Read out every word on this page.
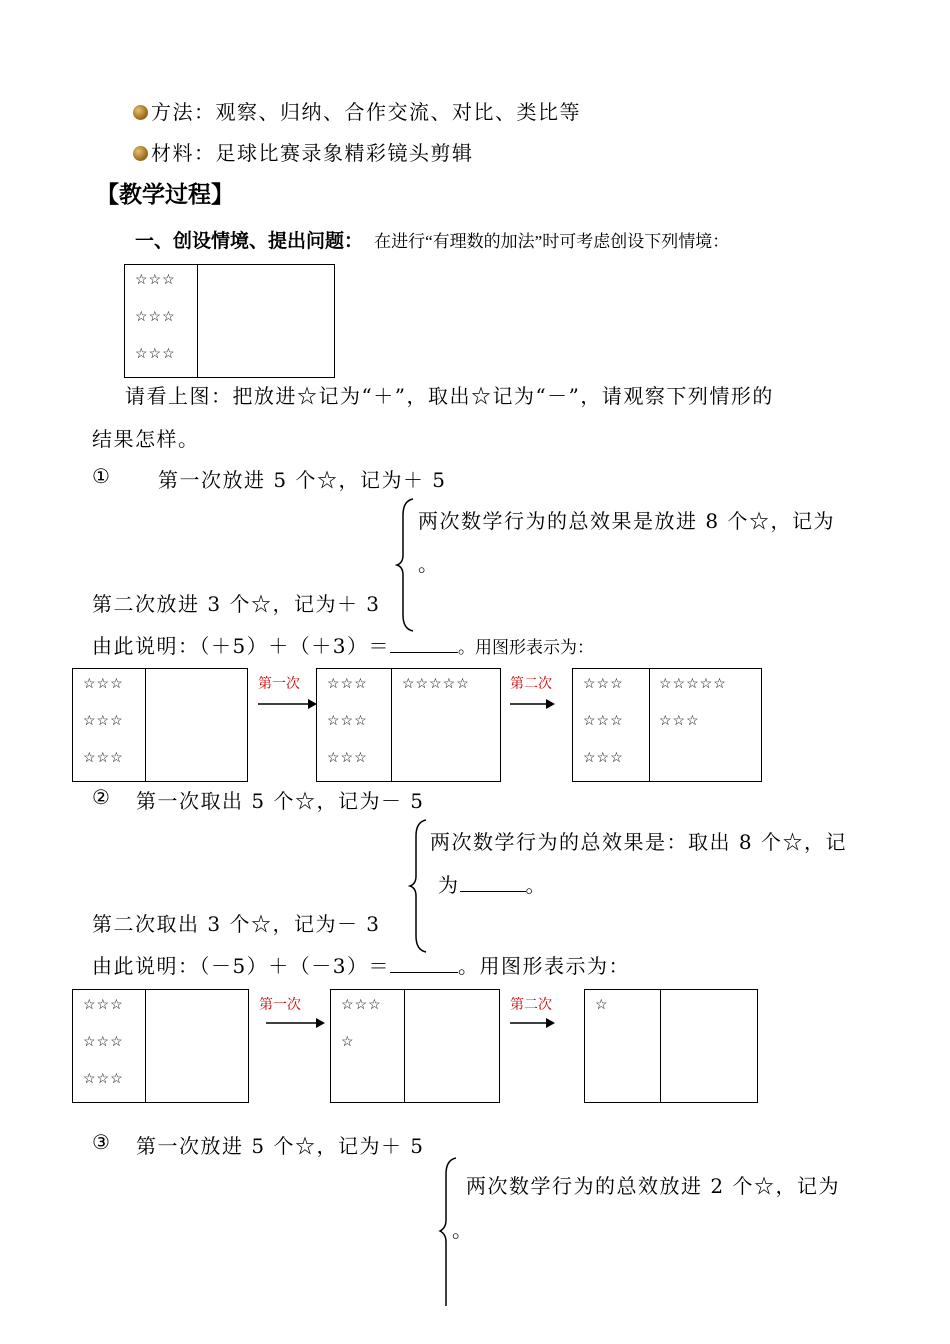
方法：观察、归纳、合作交流、对比、类比等
材料：足球比赛录象精彩镜头剪辑
【教学过程】
一、创设情境、提出问题： 在进行“有理数的加法”时可考虑创设下列情境：
☆☆☆
☆☆☆
☆☆☆
请看上图：把放进☆记为“＋”，取出☆记为“－”，请观察下列情形的
结果怎样。
① 第一次放进 5 个☆，记为＋ 5
两次数学行为的总效果是放进 8 个☆，记为
。
第二次放进 3 个☆，记为＋ 3
由此说明：（＋5）＋（＋3）＝	。用图形表示为：
☆☆☆
☆☆☆
☆☆☆
第一次 ☆☆☆
☆☆☆
☆☆☆
☆☆☆☆☆	第二次 ☆☆☆
☆☆☆
☆☆☆
☆☆☆☆☆
☆☆☆
② 第一次取出 5 个☆，记为－ 5
两次数学行为的总效果是：取出 8 个☆，记
为	。
第二次取出 3 个☆，记为－ 3
由此说明：（－5）＋（－3）＝	。用图形表示为：
☆☆☆
☆☆☆
☆☆☆
第一次	☆☆☆
☆
第二次	☆
③ 第一次放进 5 个☆，记为＋ 5
两次数学行为的总效放进 2 个☆，记为
。
